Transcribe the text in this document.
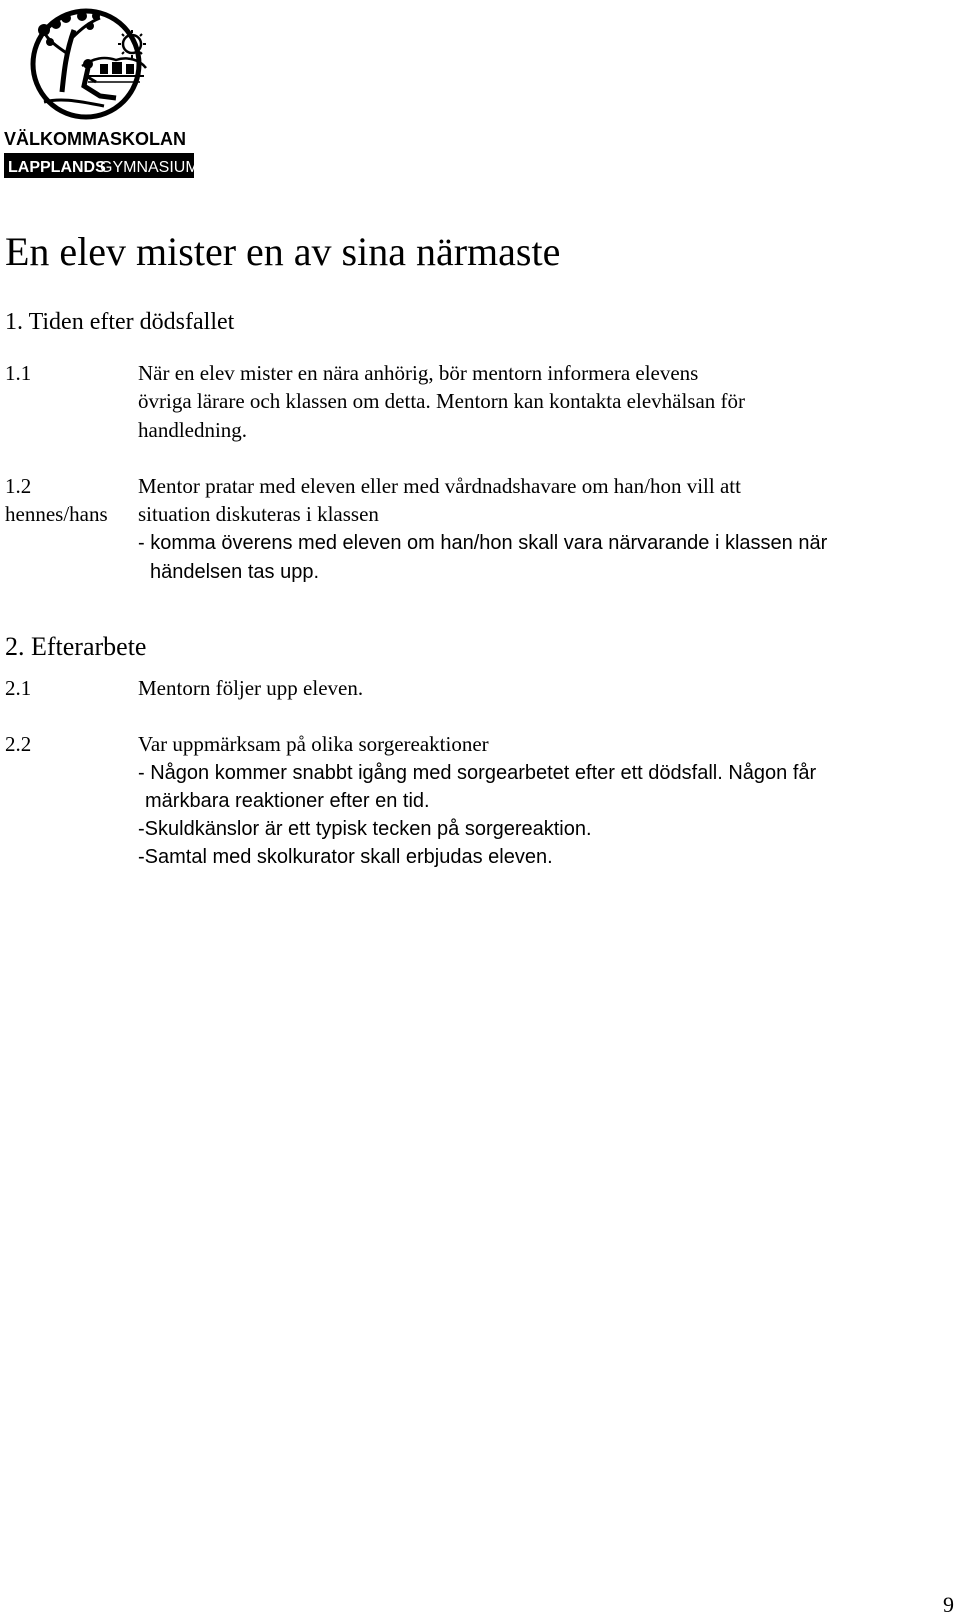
VÄLKOMMASKOLAN
LAPPLANDS
GYMNASIUM
En elev mister en av sina närmaste
1. Tiden efter dödsfallet
1.1	När en elev mister en nära anhörig, bör mentorn informera elevens
övriga lärare och klassen om detta. Mentorn kan kontakta elevhälsan för
handledning.
1.2	Mentor pratar med eleven eller med vårdnadshavare om han/hon vill att
hennes/hans situation diskuteras i klassen
- komma överens med eleven om han/hon skall vara närvarande i klassen när
händelsen tas upp.
2. Efterarbete
2.1	Mentorn följer upp eleven.
2.2	Var uppmärksam på olika sorgereaktioner
- Någon kommer snabbt igång med sorgearbetet efter ett dödsfall. Någon får
märkbara reaktioner efter en tid.
-Skuldkänslor är ett typisk tecken på sorgereaktion.
-Samtal med skolkurator skall erbjudas eleven.
9
